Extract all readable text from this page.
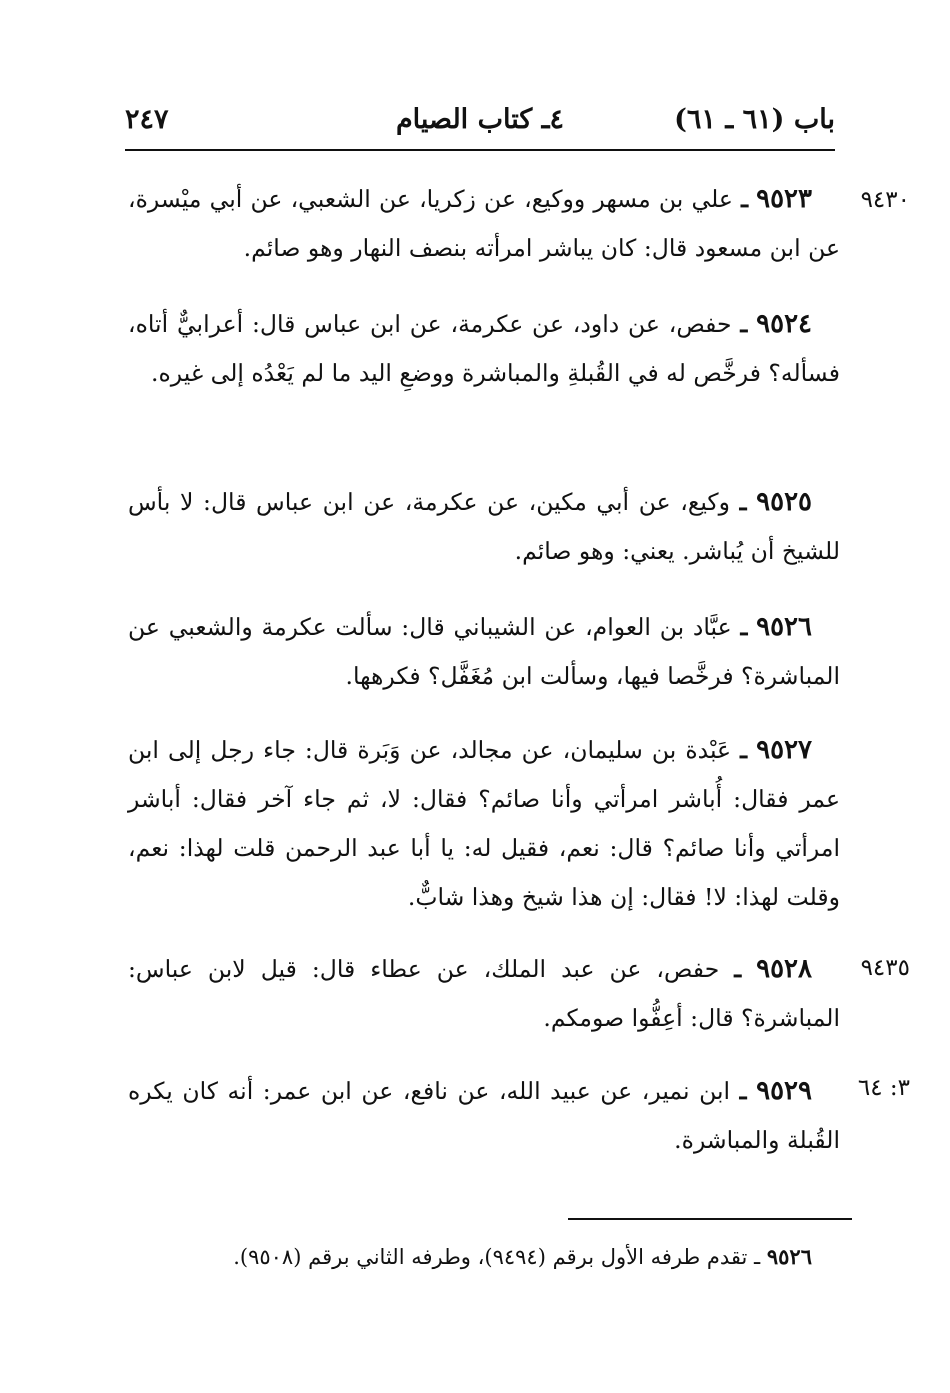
باب (٦١ ـ ٦١)
٤ـ كتاب الصيام
٢٤٧
٩٤٣٠
٩٤٣٥
٣: ٦٤
٩٥٢٣ ـ علي بن مسهر ووكيع، عن زكريا، عن الشعبي، عن أبي ميْسرة، عن ابن مسعود قال: كان يباشر امرأته بنصف النهار وهو صائم.
٩٥٢٤ ـ حفص، عن داود، عن عكرمة، عن ابن عباس قال: أعرابيٌّ أتاه، فسأله؟ فرخَّص له في القُبلةِ والمباشرة ووضعِ اليد ما لم يَعْدُه إلى غيره.
٩٥٢٥ ـ وكيع، عن أبي مكين، عن عكرمة، عن ابن عباس قال: لا بأس للشيخ أن يُباشر. يعني: وهو صائم.
٩٥٢٦ ـ عبَّاد بن العوام، عن الشيباني قال: سألت عكرمة والشعبي عن المباشرة؟ فرخَّصا فيها، وسألت ابن مُغَفَّل؟ فكرهها.
٩٥٢٧ ـ عَبْدة بن سليمان، عن مجالد، عن وَبَرة قال: جاء رجل إلى ابن عمر فقال: أُباشر امرأتي وأنا صائم؟ فقال: لا، ثم جاء آخر فقال: أباشر امرأتي وأنا صائم؟ قال: نعم، فقيل له: يا أبا عبد الرحمن قلت لهذا: نعم، وقلت لهذا: لا! فقال: إن هذا شيخ وهذا شابٌّ.
٩٥٢٨ ـ حفص، عن عبد الملك، عن عطاء قال: قيل لابن عباس: المباشرة؟ قال: أعِفُّوا صومكم.
٩٥٢٩ ـ ابن نمير، عن عبيد الله، عن نافع، عن ابن عمر: أنه كان يكره القُبلة والمباشرة.
٩٥٢٦ ـ تقدم طرفه الأول برقم (٩٤٩٤)، وطرفه الثاني برقم (٩٥٠٨).
